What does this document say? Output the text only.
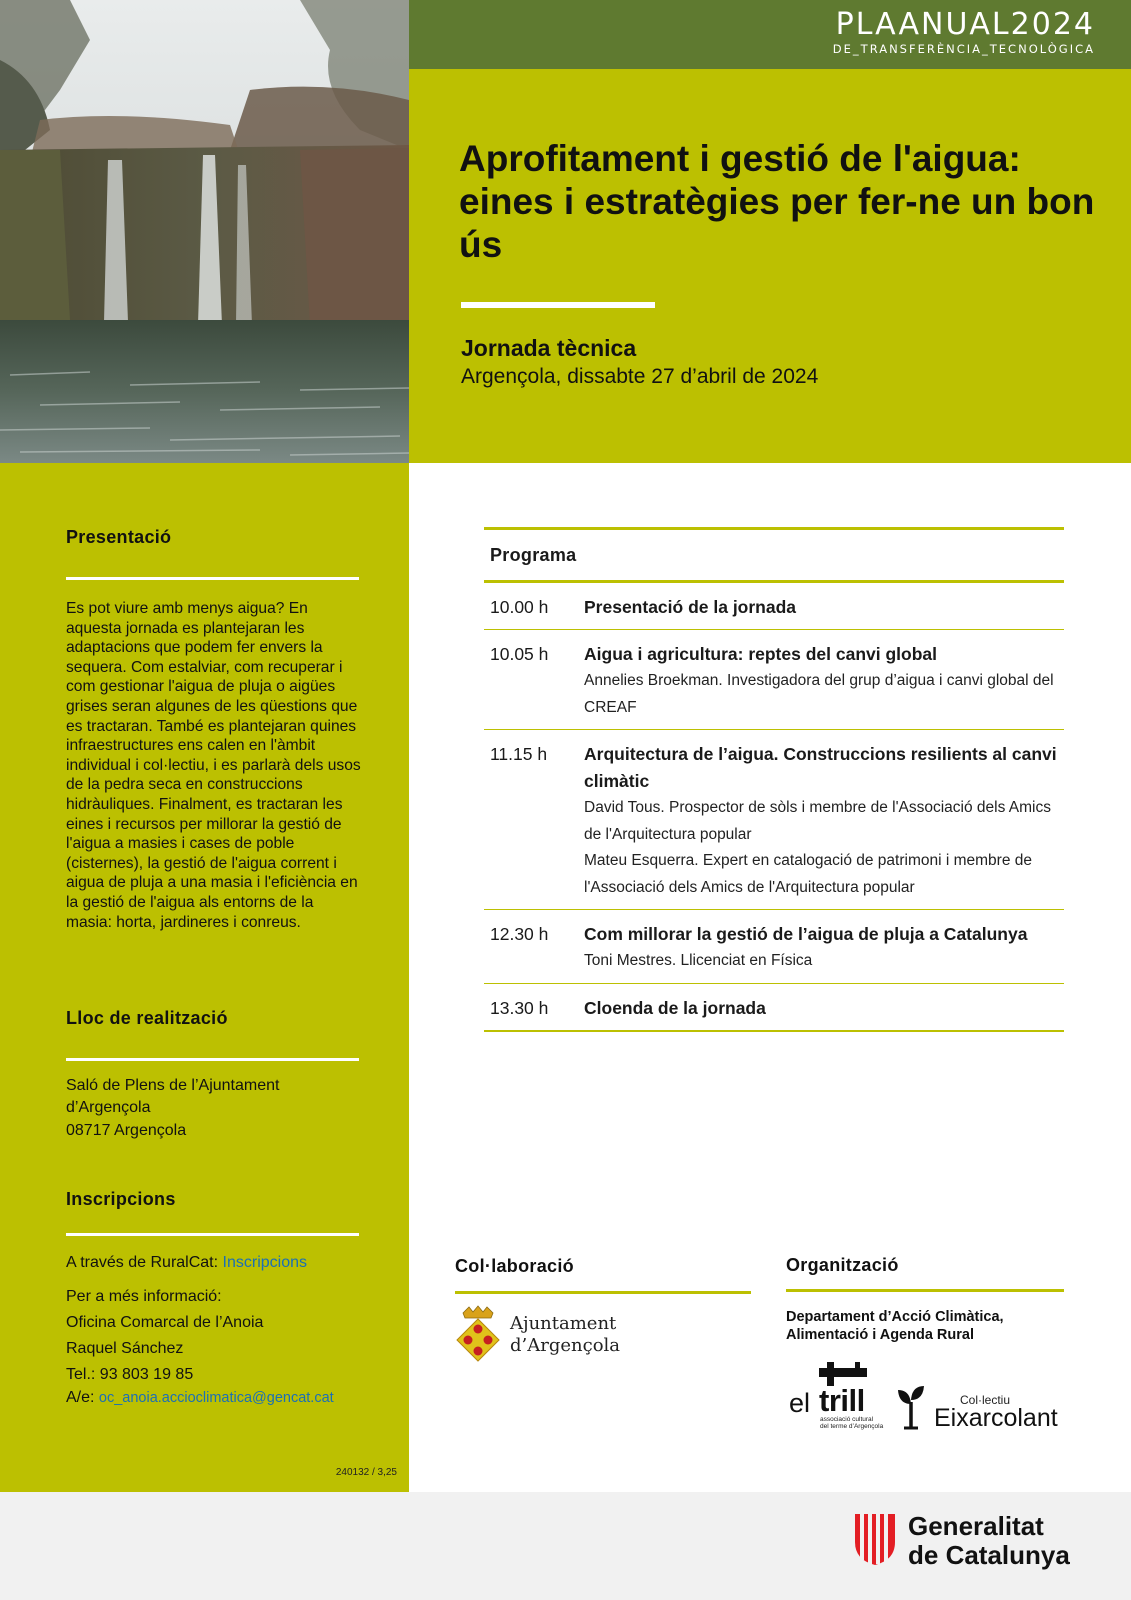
PLAANUAL2024
DE_TRANSFERÈNCIA_TECNOLÒGICA
Aprofitament i gestió de l'aigua: eines i estratègies per fer-ne un bon ús
Jornada tècnica
Argençola, dissabte 27 d’abril de 2024
Presentació
Es pot viure amb menys aigua? En aquesta jornada es plantejaran les adaptacions que podem fer envers la sequera. Com estalviar, com recuperar i com gestionar l'aigua de pluja o aigües grises seran algunes de les qüestions que es tractaran. També es plantejaran quines infraestructures ens calen en l'àmbit individual i col·lectiu, i es parlarà dels usos de la pedra seca en construccions hidràuliques. Finalment, es tractaran les eines i recursos per millorar la gestió de l'aigua a masies i cases de poble (cisternes), la gestió de l'aigua corrent i aigua de pluja a una masia i l'eficiència en la gestió de l'aigua als entorns de la masia: horta, jardineres i conreus.
Lloc de realització
Saló de Plens de l’Ajuntament
d’Argençola
08717 Argençola
Inscripcions
A través de RuralCat: Inscripcions
Per a més informació:
Oficina Comarcal de l’Anoia
Raquel Sánchez
Tel.: 93 803 19 85
A/e: oc_anoia.accioclimatica@gencat.cat
240132 / 3,25
Programa
10.00 h	Presentació de la jornada
10.05 h	Aigua i agricultura: reptes del canvi global
Annelies Broekman. Investigadora del grup d’aigua i canvi global del CREAF
11.15 h	Arquitectura de l’aigua. Construccions resilients al canvi climàtic
David Tous. Prospector de sòls i membre de l'Associació dels Amics de l'Arquitectura popular
Mateu Esquerra. Expert en catalogació de patrimoni i membre de l'Associació dels Amics de l'Arquitectura popular
12.30 h	Com millorar la gestió de l’aigua de pluja a Catalunya
Toni Mestres. Llicenciat en Física
13.30 h	Cloenda de la jornada
Col·laboració
Ajuntament
d’Argençola
Organització
Departament d’Acció Climàtica,
Alimentació i Agenda Rural
el trill
associació cultural
del terme d’Argençola
Col·lectiu
Eixarcolant
Generalitat
de Catalunya
